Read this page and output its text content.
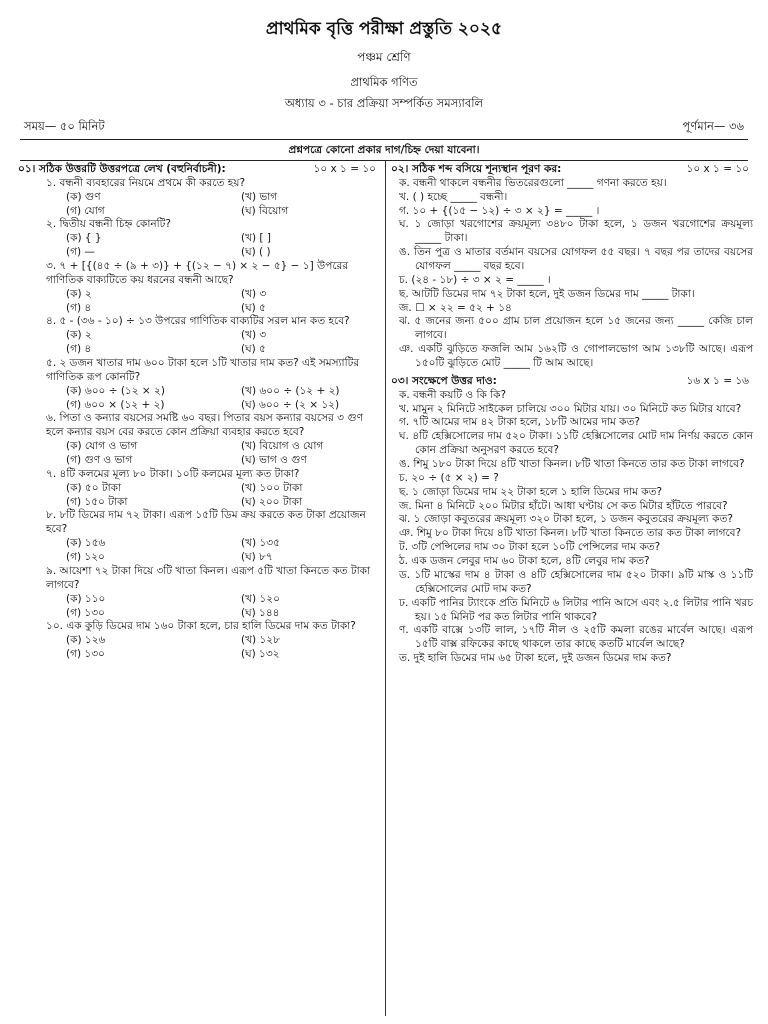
প্রাথমিক বৃত্তি পরীক্ষা প্রস্তুতি ২০২৫
পঞ্চম শ্রেণি
প্রাথমিক গণিত
অধ্যায় ৩ - চার প্রক্রিয়া সম্পর্কিত সমস্যাবলি
সময়— ৫০ মিনিট	পূর্ণমান— ৩৬
প্রশ্নপত্রে কোনো প্রকার দাগ/চিহ্ন দেয়া যাবেনা।
০১। সঠিক উত্তরটি উত্তরপত্রে লেখ (বহুনির্বাচনী):	১০ x ১ = ১০
১. বন্ধনী ব্যবহারের নিয়মে প্রথমে কী করতে হয়?
(ক) গুণ	(খ) ভাগ
(গ) যোগ	(ঘ) বিয়োগ
২. দ্বিতীয় বন্ধনী চিহ্ন কোনটি?
(ক) { }	(খ) [ ]
(গ) —	(ঘ) ( )
৩. ৭ + [{(৪৫ ÷ (৯ + ৩)} + {(১২ − ৭) × ২ − ৫} − ১] উপরের গাণিতিক বাক্যটিতে কয় ধরনের বন্ধনী আছে?
(ক) ২	(খ) ৩
(গ) ৪	(ঘ) ৫
৪. ৫ - (৩৬ - ১০) ÷ ১৩ উপরের গাণিতিক বাক্যটির সরল মান কত হবে?
(ক) ২	(খ) ৩
(গ) ৪	(ঘ) ৫
৫. ২ ডজন খাতার দাম ৬০০ টাকা হলে ১টি খাতার দাম কত? এই সমস্যাটির গাণিতিক রূপ কোনটি?
(ক) ৬০০ ÷ (১২ × ২)	(খ) ৬০০ ÷ (১২ + ২)
(গ) ৬০০ × (১২ + ২)	(ঘ) ৬০০ ÷ (২ × ১২)
৬. পিতা ও কন্যার বয়সের সমষ্টি ৬০ বছর। পিতার বয়স কন্যার বয়সের ৩ গুণ হলে কন্যার বয়স বের করতে কোন প্রক্রিয়া ব্যবহার করতে হবে?
(ক) যোগ ও ভাগ	(খ) বিয়োগ ও যোগ
(গ) গুণ ও ভাগ	(ঘ) ভাগ ও গুণ
৭. ৪টি কলমের মূল্য ৮০ টাকা। ১০টি কলমের মূল্য কত টাকা?
(ক) ৫০ টাকা	(খ) ১০০ টাকা
(গ) ১৫০ টাকা	(ঘ) ২০০ টাকা
৮. ৮টি ডিমের দাম ৭২ টাকা। এরূপ ১৫টি ডিম ক্রয় করতে কত টাকা প্রয়োজন হবে?
(ক) ১৫৬	(খ) ১৩৫
(গ) ১২০	(ঘ) ৮৭
৯. আয়েশা ৭২ টাকা দিয়ে ৩টি খাতা কিনল। এরূপ ৫টি খাতা কিনতে কত টাকা লাগবে?
(ক) ১১০	(খ) ১২০
(গ) ১৩০	(ঘ) ১৪৪
১০. এক কুড়ি ডিমের দাম ১৬০ টাকা হলে, চার হালি ডিমের দাম কত টাকা?
(ক) ১২৬	(খ) ১২৮
(গ) ১৩০	(ঘ) ১৩২
০২। সঠিক শব্দ বসিয়ে শূন্যস্থান পূরণ কর:	১০ x ১ = ১০
ক. বন্ধনী থাকলে বন্ধনীর ভিতরেরগুলো _____ গণনা করতে হয়।
খ. ( ) হচ্ছে _____ বন্ধনী।
গ. ১০ + {(১৫ − ১২) ÷ ৩ × ২} = _____ ।
ঘ. ১ জোড়া খরগোশের ক্রয়মূল্য ৩৪৮০ টাকা হলে, ১ ডজন খরগোশের ক্রয়মূল্য _____ টাকা।
ঙ. তিন পুত্র ও মাতার বর্তমান বয়সের যোগফল ৫৫ বছর। ৭ বছর পর তাদের বয়সের যোগফল _____ বছর হবে।
চ. (২৪ - ১৮) ÷ ৩ × ২ = _____ ।
ছ. আটটি ডিমের দাম ৭২ টাকা হলে, দুই ডজন ডিমের দাম _____ টাকা।
জ. ☐ × ২২ = ৫২ + ১৪
ঝ. ৫ জনের জন্য ৫০০ গ্রাম চাল প্রয়োজন হলে ১৫ জনের জন্য _____ কেজি চাল লাগবে।
ঞ. একটি ঝুড়িতে ফজলি আম ১৬২টি ও গোপালভোগ আম ১৩৮টি আছে। এরূপ ১৫০টি ঝুড়িতে মোট _____ টি আম আছে।
০৩। সংক্ষেপে উত্তর দাও:	১৬ x ১ = ১৬
ক. বন্ধনী কয়টি ও কি কি?
খ. মামুন ২ মিনিটে সাইকেল চালিয়ে ৩০০ মিটার যায়। ৩০ মিনিটে কত মিটার যাবে?
গ. ৭টি আমের দাম ৪২ টাকা হলে, ১৮টি আমের দাম কত?
ঘ. ৪টি হেক্সিসোলের দাম ৫২০ টাকা। ১১টি হেক্সিসোলের মোট দাম নির্ণয় করতে কোন কোন প্রক্রিয়া অনুসরণ করতে হবে?
ঙ. শিমু ১৮০ টাকা দিয়ে ৪টি খাতা কিনল। ৮টি খাতা কিনতে তার কত টাকা লাগবে?
চ. ২০ ÷ (৫ × ২) = ?
ছ. ১ জোড়া ডিমের দাম ২২ টাকা হলে ১ হালি ডিমের দাম কত?
জ. মিনা ৪ মিনিটে ২০০ মিটার হাঁটে। আধা ঘণ্টায় সে কত মিটার হাঁটতে পারবে?
ঝ. ১ জোড়া কবুতরের ক্রয়মূল্য ৩২০ টাকা হলে, ১ ডজন কবুতরের ক্রয়মূল্য কত?
ঞ. শিমু ৮০ টাকা দিয়ে ৪টি খাতা কিনল। ৮টি খাতা কিনতে তার কত টাকা লাগবে?
ট. ৩টি পেন্সিলের দাম ৩০ টাকা হলে ১০টি পেন্সিলের দাম কত?
ঠ. এক ডজন লেবুর দাম ৬০ টাকা হলে, ৪টি লেবুর দাম কত?
ড. ১টি মাস্কের দাম ৪ টাকা ও ৪টি হেক্সিসোলের দাম ৫২০ টাকা। ৯টি মাস্ক ও ১১টি হেক্সিসোলের মোট দাম কত?
ঢ. একটি পানির ট্যাংকে প্রতি মিনিটে ৬ লিটার পানি আসে এবং ২.৫ লিটার পানি খরচ হয়। ১৫ মিনিট পর কত লিটার পানি থাকবে?
ণ. একটি বাক্সে ১৩টি লাল, ১৭টি নীল ও ২৫টি কমলা রঙের মার্বেল আছে। এরূপ ১৫টি বাক্স রফিকের কাছে থাকলে তার কাছে কতটি মার্বেল আছে?
ত. দুই হালি ডিমের দাম ৬৫ টাকা হলে, দুই ডজন ডিমের দাম কত?
